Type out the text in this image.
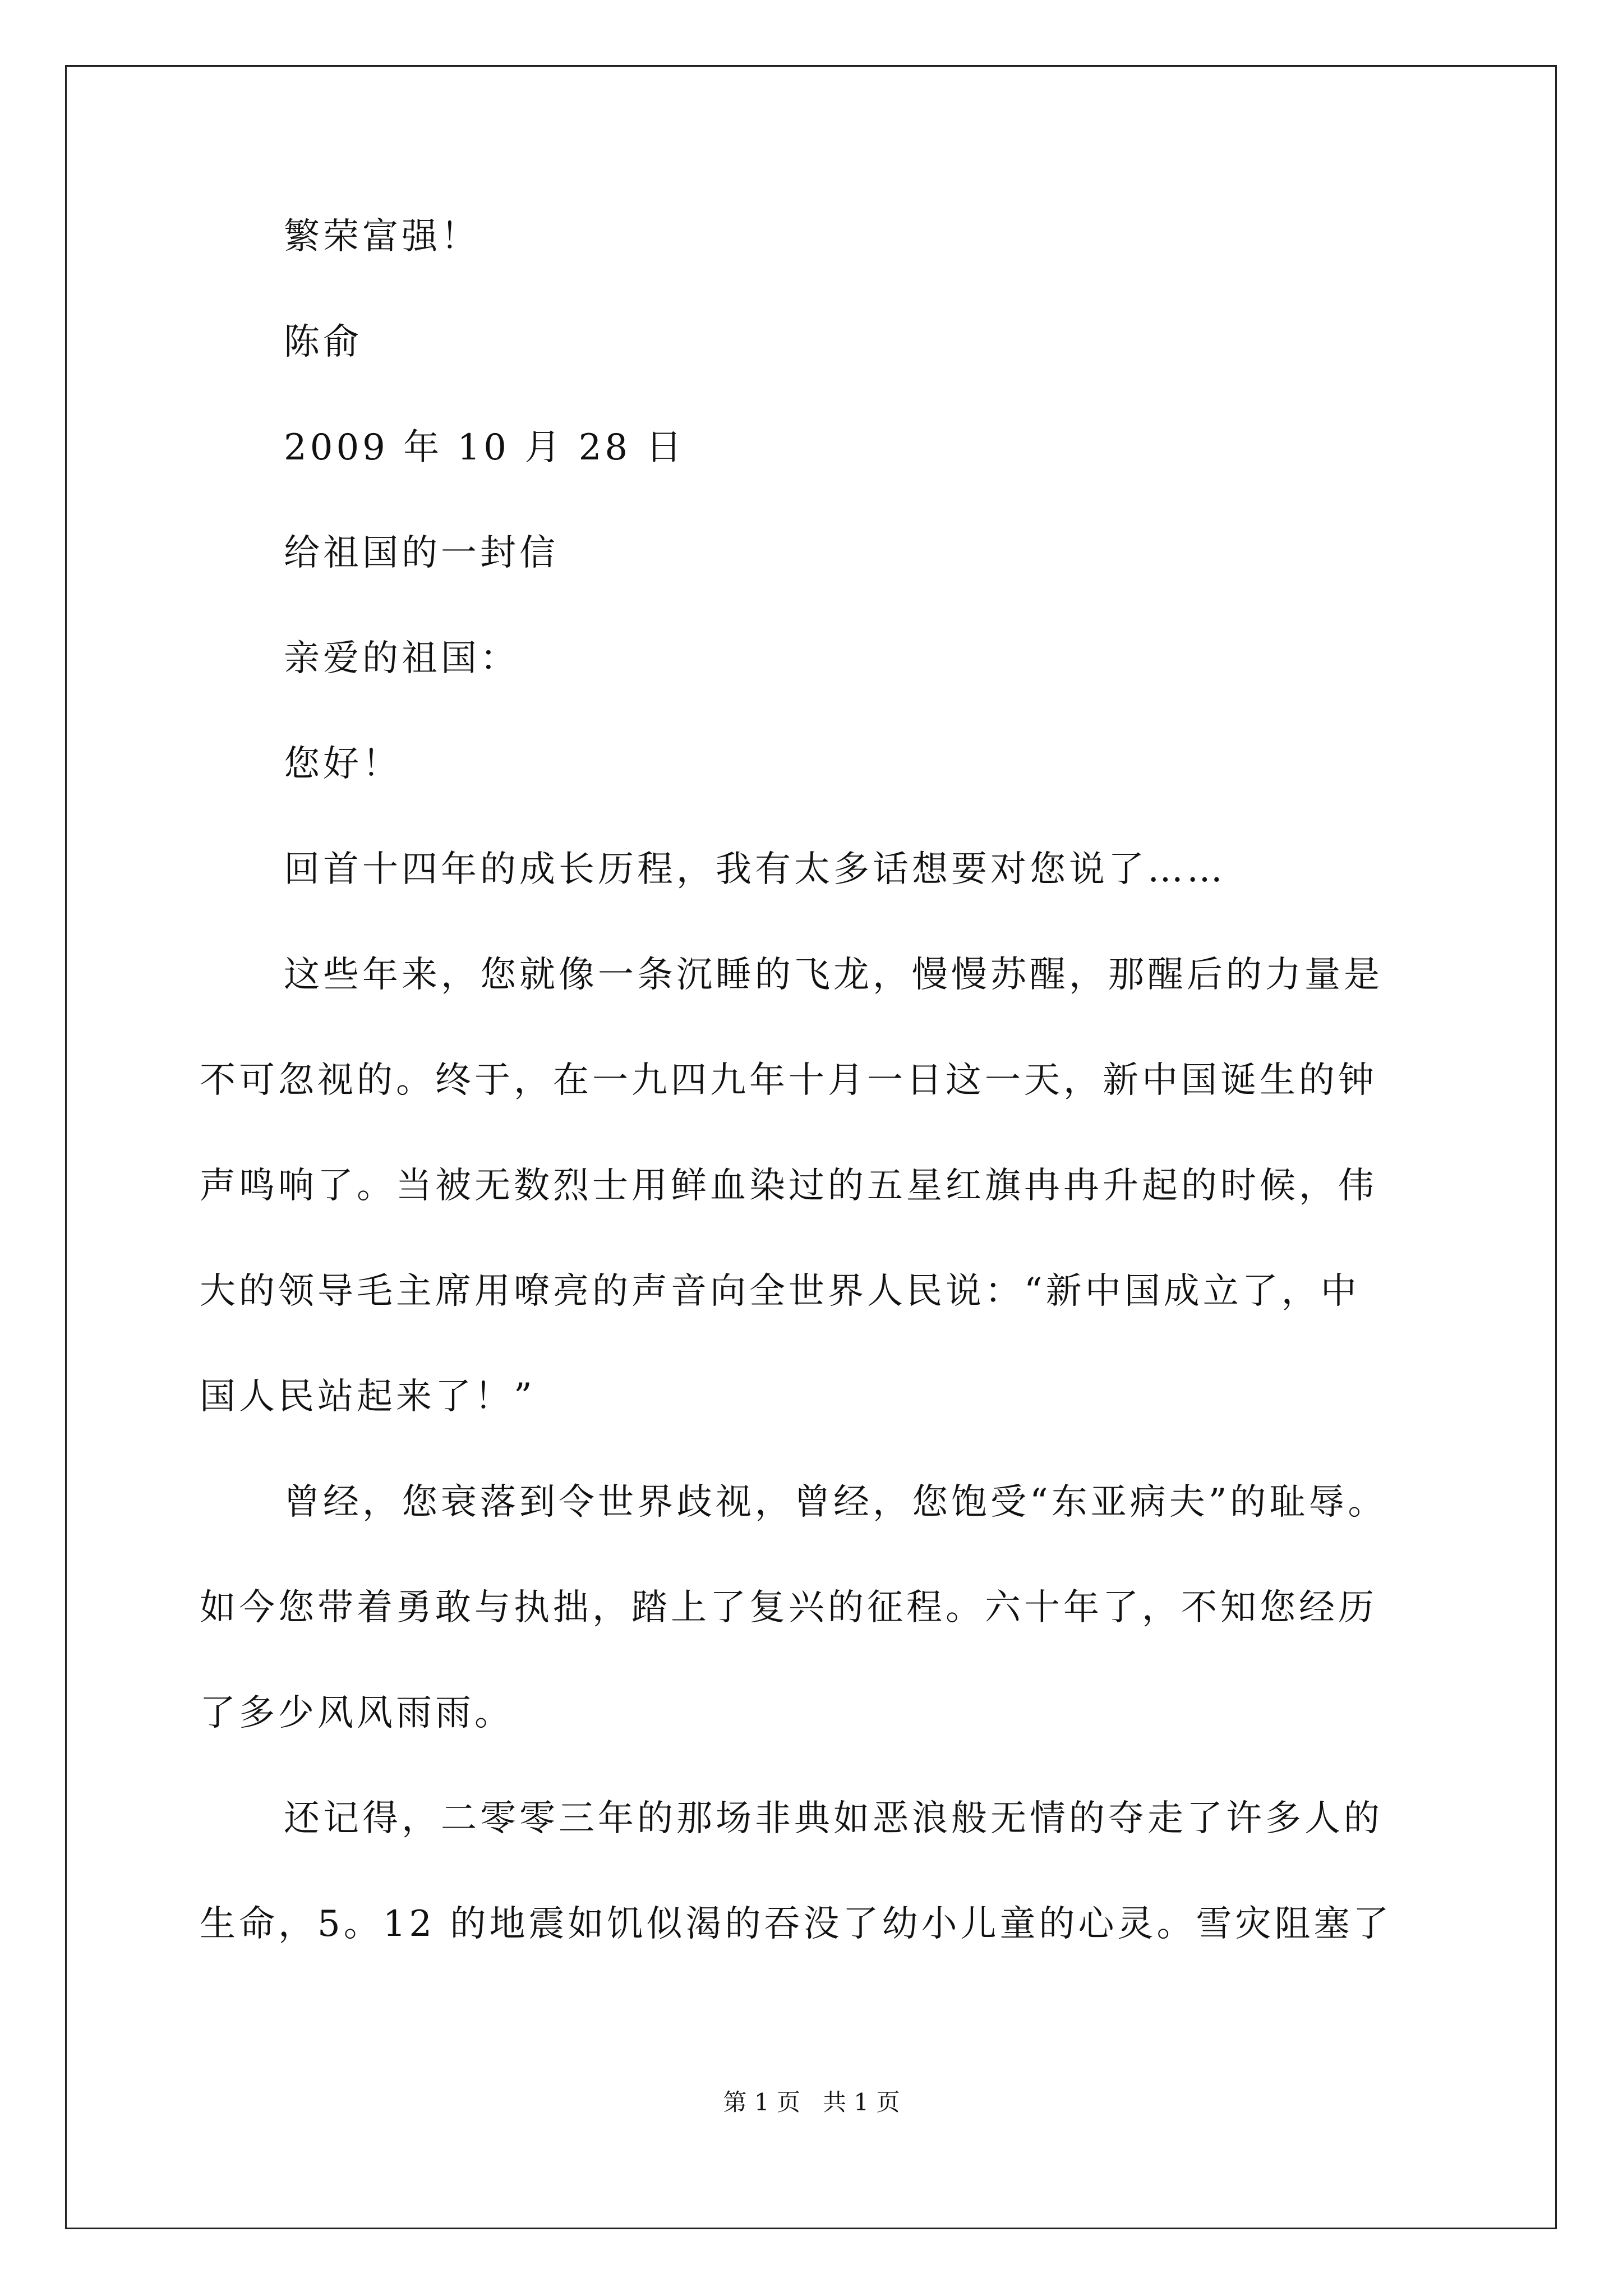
繁荣富强！
陈俞
2009 年 10 月 28 日
给祖国的一封信
亲爱的祖国：
您好！
回首十四年的成长历程，我有太多话想要对您说了……
这些年来，您就像一条沉睡的飞龙，慢慢苏醒，那醒后的力量是
不可忽视的。终于，在一九四九年十月一日这一天，新中国诞生的钟
声鸣响了。当被无数烈士用鲜血染过的五星红旗冉冉升起的时候，伟
大的领导毛主席用嘹亮的声音向全世界人民说：“新中国成立了，中
国人民站起来了！”
曾经，您衰落到令世界歧视，曾经，您饱受“东亚病夫”的耻辱。
如今您带着勇敢与执拙，踏上了复兴的征程。六十年了，不知您经历
了多少风风雨雨。
还记得，二零零三年的那场非典如恶浪般无情的夺走了许多人的
生命，5。12 的地震如饥似渴的吞没了幼小儿童的心灵。雪灾阻塞了
第 1 页   共 1 页
